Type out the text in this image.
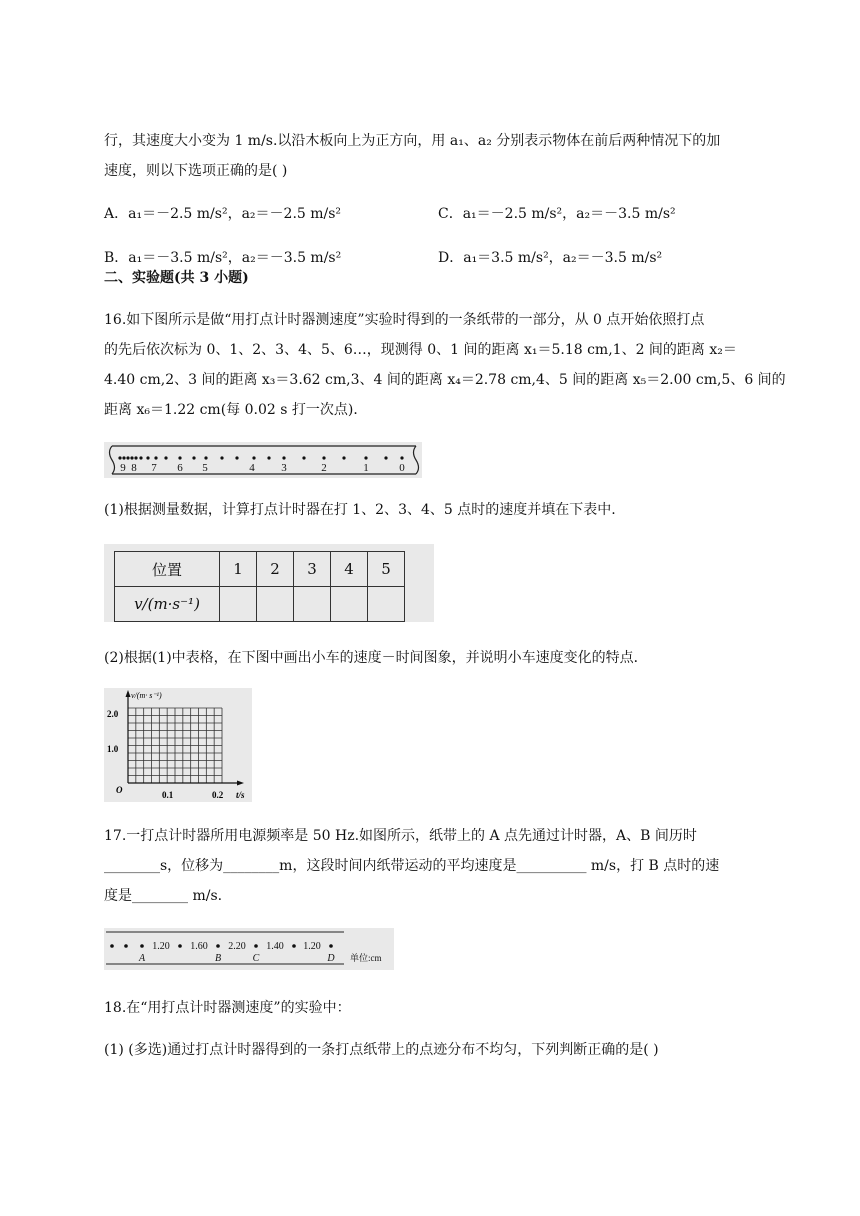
行，其速度大小变为 1 m/s.以沿木板向上为正方向，用 a₁、a₂ 分别表示物体在前后两种情况下的加
速度，则以下选项正确的是( )
A．a₁＝－2.5 m/s²，a₂＝－2.5 m/s²	C．a₁＝－2.5 m/s²，a₂＝－3.5 m/s²
B．a₁＝－3.5 m/s²，a₂＝－3.5 m/s²	D．a₁＝3.5 m/s²，a₂＝－3.5 m/s²
二、实验题(共 3 小题)
16.如下图所示是做“用打点计时器测速度”实验时得到的一条纸带的一部分，从 0 点开始依照打点
的先后依次标为 0、1、2、3、4、5、6…，现测得 0、1 间的距离 x₁＝5.18 cm,1、2 间的距离 x₂＝
4.40 cm,2、3 间的距离 x₃＝3.62 cm,3、4 间的距离 x₄＝2.78 cm,4、5 间的距离 x₅＝2.00 cm,5、6 间的
距离 x₆＝1.22 cm(每 0.02 s 打一次点)．
9 8 7 6 5	4 3	2	1	0
(1)根据测量数据，计算打点计时器在打 1、2、3、4、5 点时的速度并填在下表中.
位置	1	2	3	4	5
v/(m·s⁻¹)					
(2)根据(1)中表格，在下图中画出小车的速度－时间图象，并说明小车速度变化的特点．
v/(m· s⁻¹)
2.0
1.0
O	0.1	0.2 t/s
17.一打点计时器所用电源频率是 50 Hz.如图所示，纸带上的 A 点先通过计时器，A、B 间历时
________s，位移为________m，这段时间内纸带运动的平均速度是__________ m/s，打 B 点时的速
度是________ m/s.
1.20 1.60 2.20 1.40 1.20
A	B	C	D 单位:cm
18.在“用打点计时器测速度”的实验中：
(1) (多选)通过打点计时器得到的一条打点纸带上的点迹分布不均匀，下列判断正确的是( )
